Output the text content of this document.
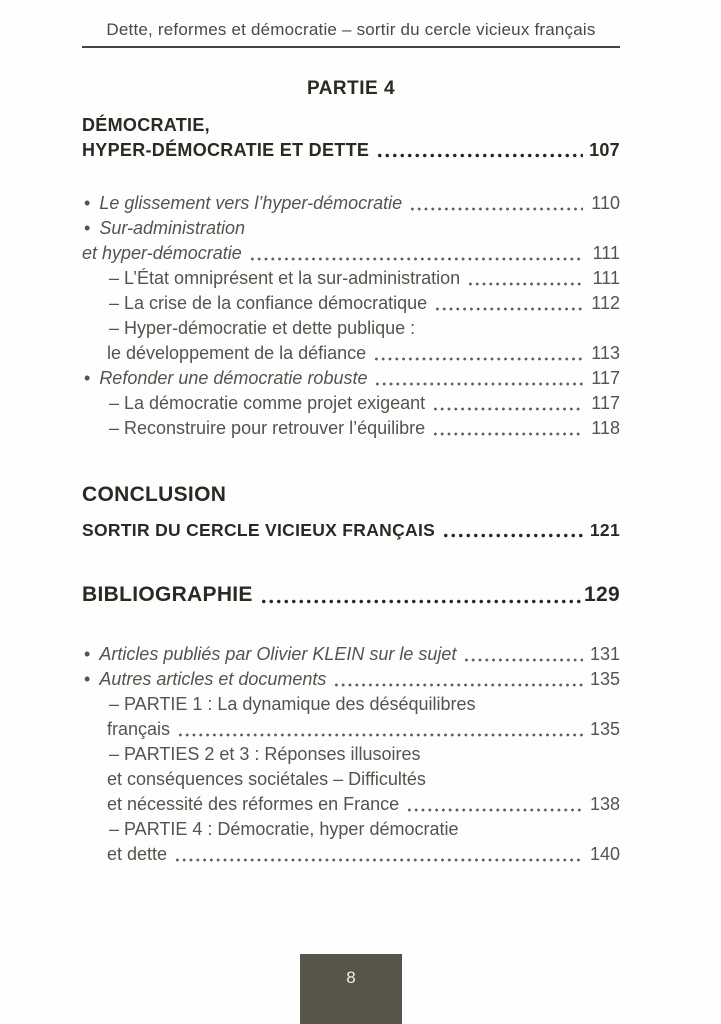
Dette, reformes et démocratie – sortir du cercle vicieux français
PARTIE 4
DÉMOCRATIE,
HYPER-DÉMOCRATIE ET DETTE	107
• Le glissement vers l’hyper-démocratie	110
• Sur-administration
et hyper-démocratie	111
– L’État omniprésent et la sur-administration	111
– La crise de la confiance démocratique	112
– Hyper-démocratie et dette publique :
le développement de la défiance	113
• Refonder une démocratie robuste	117
– La démocratie comme projet exigeant	117
– Reconstruire pour retrouver l’équilibre	118
CONCLUSION
SORTIR DU CERCLE VICIEUX FRANÇAIS	121
BIBLIOGRAPHIE	129
• Articles publiés par Olivier KLEIN sur le sujet	131
• Autres articles et documents	135
– PARTIE 1 : La dynamique des déséquilibres
français	135
– PARTIES 2 et 3 : Réponses illusoires
et conséquences sociétales – Difficultés
et nécessité des réformes en France	138
– PARTIE 4 : Démocratie, hyper démocratie
et dette	140
8
